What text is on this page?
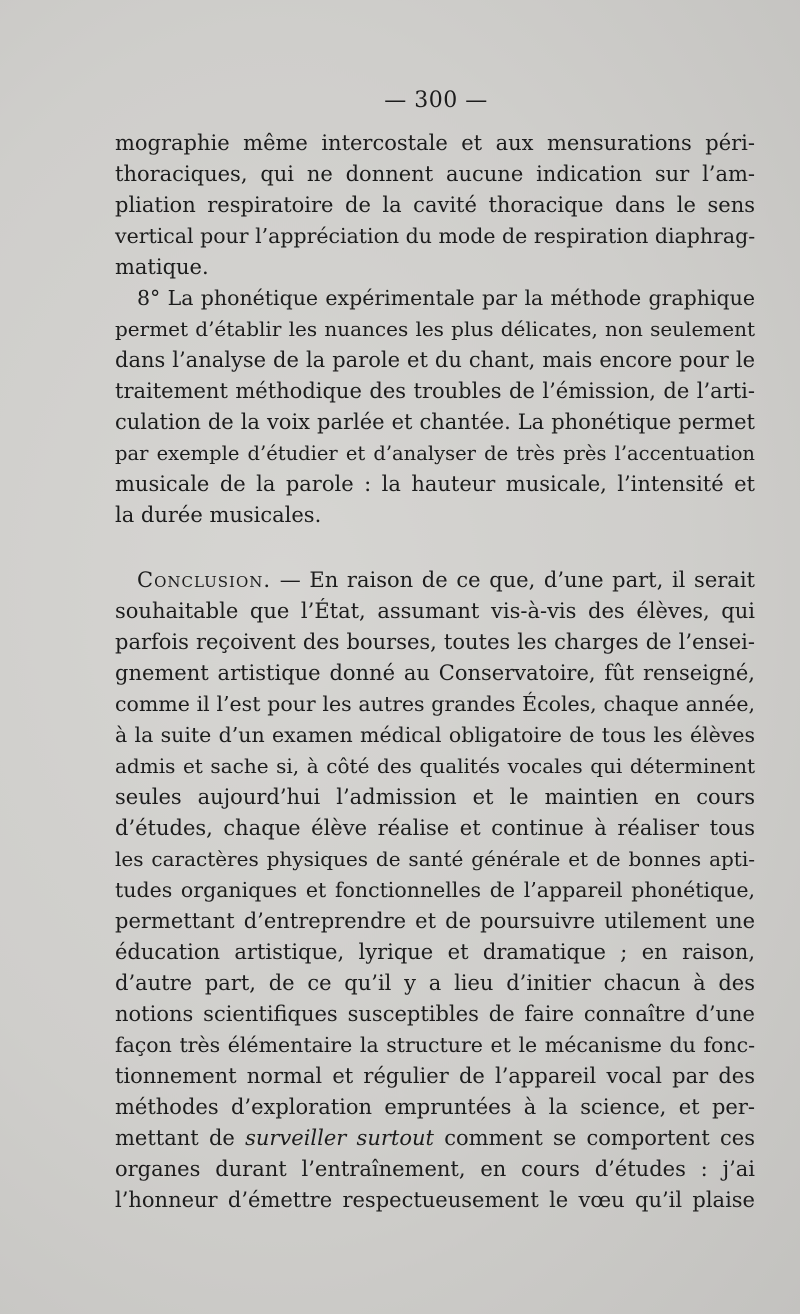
— 300 —
mographie même intercostale et aux mensurations péri-
thoraciques, qui ne donnent aucune indication sur l’am-
pliation respiratoire de la cavité thoracique dans le sens
vertical pour l’appréciation du mode de respiration diaphrag-
matique.
8° La phonétique expérimentale par la méthode graphique
permet d’établir les nuances les plus délicates, non seulement
dans l’analyse de la parole et du chant, mais encore pour le
traitement méthodique des troubles de l’émission, de l’arti-
culation de la voix parlée et chantée. La phonétique permet
par exemple d’étudier et d’analyser de très près l’accentuation
musicale de la parole : la hauteur musicale, l’intensité et
la durée musicales.
Conclusion. — En raison de ce que, d’une part, il serait
souhaitable que l’État, assumant vis-à-vis des élèves, qui
parfois reçoivent des bourses, toutes les charges de l’ensei-
gnement artistique donné au Conservatoire, fût renseigné,
comme il l’est pour les autres grandes Écoles, chaque année,
à la suite d’un examen médical obligatoire de tous les élèves
admis et sache si, à côté des qualités vocales qui déterminent
seules aujourd’hui l’admission et le maintien en cours
d’études, chaque élève réalise et continue à réaliser tous
les caractères physiques de santé générale et de bonnes apti-
tudes organiques et fonctionnelles de l’appareil phonétique,
permettant d’entreprendre et de poursuivre utilement une
éducation artistique, lyrique et dramatique ; en raison,
d’autre part, de ce qu’il y a lieu d’initier chacun à des
notions scientifiques susceptibles de faire connaître d’une
façon très élémentaire la structure et le mécanisme du fonc-
tionnement normal et régulier de l’appareil vocal par des
méthodes d’exploration empruntées à la science, et per-
mettant de surveiller surtout comment se comportent ces
organes durant l’entraînement, en cours d’études : j’ai
l’honneur d’émettre respectueusement le vœu qu’il plaise
